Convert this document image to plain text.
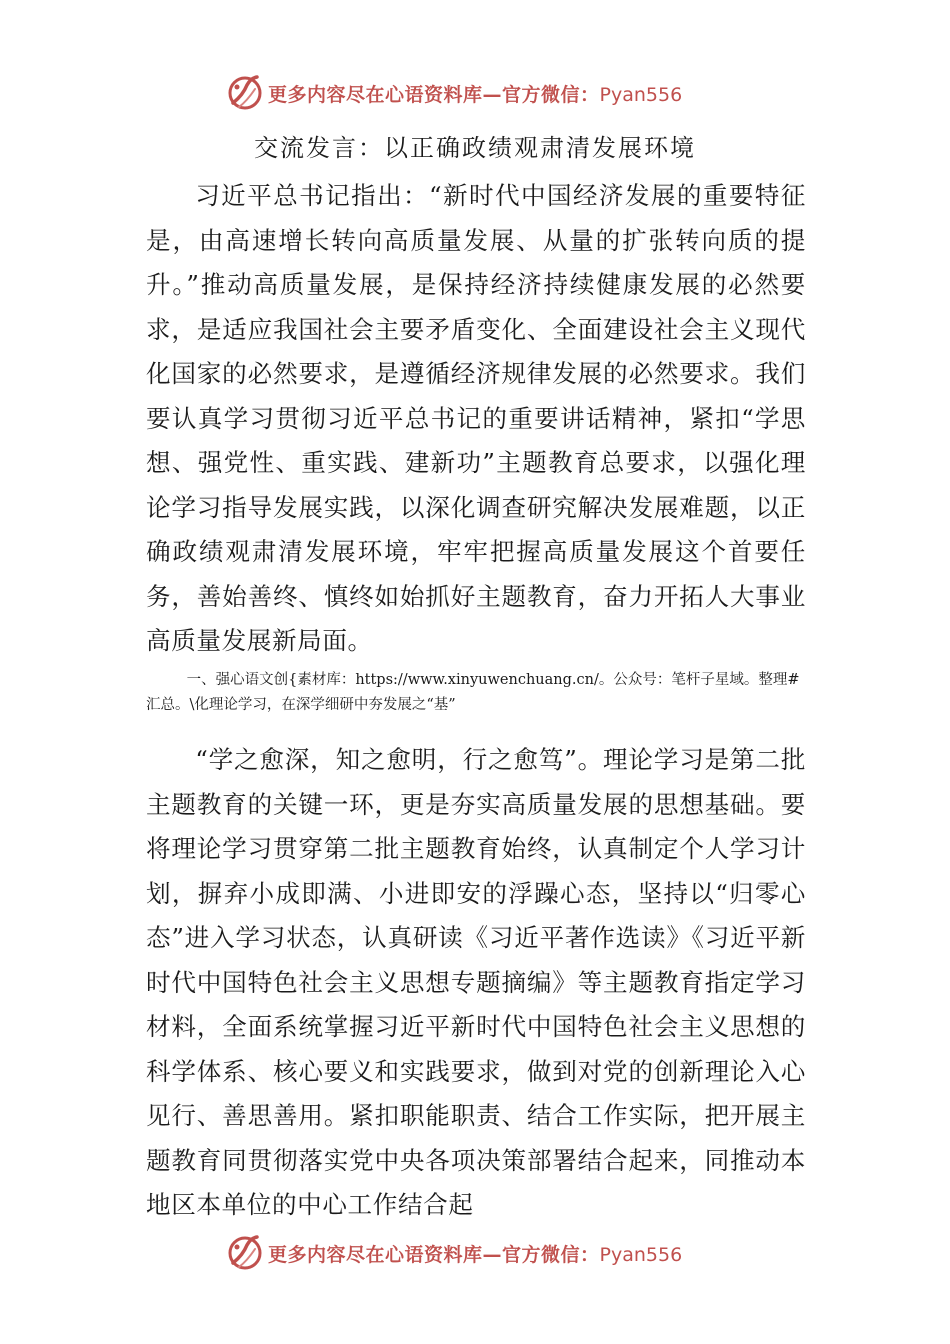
更多内容尽在心语资料库—官方微信：Pyan556
交流发言：以正确政绩观肃清发展环境

习近平总书记指出：“新时代中国经济发展的重要特征是，由高速增长转向高质量发展、从量的扩张转向质的提升。”推动高质量发展，是保持经济持续健康发展的必然要求，是适应我国社会主要矛盾变化、全面建设社会主义现代化国家的必然要求，是遵循经济规律发展的必然要求。我们要认真学习贯彻习近平总书记的重要讲话精神，紧扣“学思想、强党性、重实践、建新功”主题教育总要求，以强化理论学习指导发展实践，以深化调查研究解决发展难题，以正确政绩观肃清发展环境，牢牢把握高质量发展这个首要任务，善始善终、慎终如始抓好主题教育，奋力开拓人大事业高质量发展新局面。

一、强心语文创{素材库：https://www.xinyuwenchuang.cn/。公众号：笔杆子星域。整理#汇总。\化理论学习，在深学细研中夯发展之“基”

“学之愈深，知之愈明，行之愈笃”。理论学习是第二批主题教育的关键一环，更是夯实高质量发展的思想基础。要将理论学习贯穿第二批主题教育始终，认真制定个人学习计划，摒弃小成即满、小进即安的浮躁心态，坚持以“归零心态”进入学习状态，认真研读《习近平著作选读》《习近平新时代中国特色社会主义思想专题摘编》等主题教育指定学习材料，全面系统掌握习近平新时代中国特色社会主义思想的科学体系、核心要义和实践要求，做到对党的创新理论入心见行、善思善用。紧扣职能职责、结合工作实际，把开展主题教育同贯彻落实党中央各项决策部署结合起来，同推动本地区本单位的中心工作结合起

更多内容尽在心语资料库—官方微信：Pyan556
